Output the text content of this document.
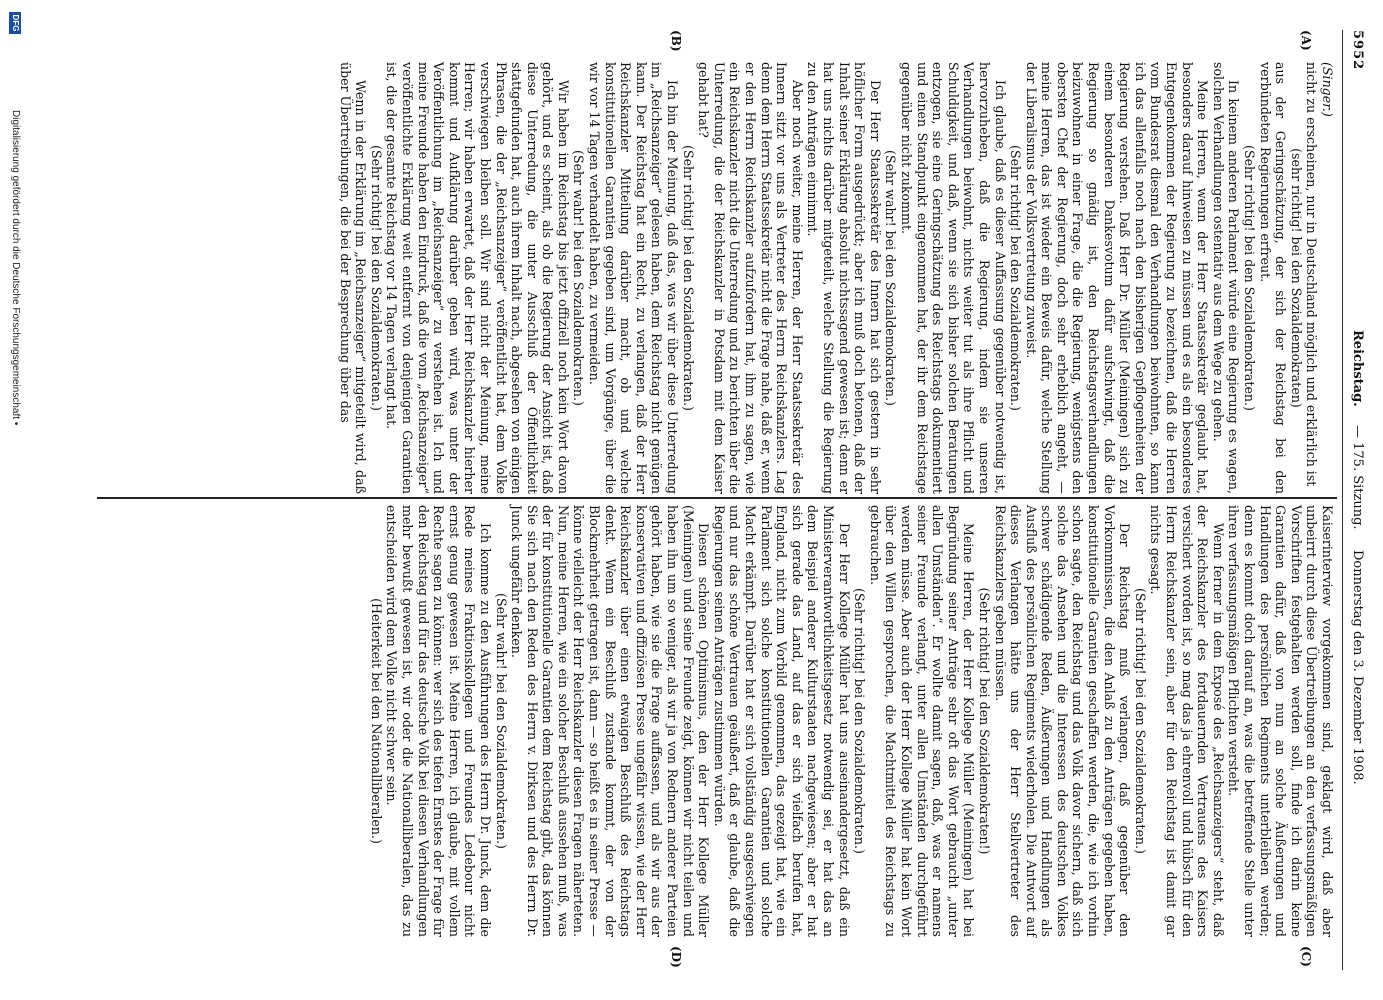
5952
Reichstag.
— 175. Sitzung.
Donnerstag den 3. Dezember 1908.
(A)
(B)
(C)
(D)

(Singer.)

nicht zu erscheinen, nur in Deutschland möglich und erklärlich ist

(sehr richtig! bei den Sozialdemokraten)

aus der Geringschätzung, der sich der Reichstag bei den verbündeten Regierungen erfreut.

(Sehr richtig! bei den Sozialdemokraten.)

In keinem anderen Parlament würde eine Regierung es wagen, solchen Verhandlungen ostentativ aus dem Wege zu gehen.

Meine Herren, wenn der Herr Staatssekretär geglaubt hat, besonders darauf hinweisen zu müssen und es als ein besonderes Entgegenkommen der Regierung zu bezeichnen, daß die Herren vom Bundesrat diesmal den Verhandlungen beiwohnten, so kann ich das allenfalls noch nach den bisherigen Gepflogenheiten der Regierung verstehen. Daß Herr Dr. Müller (Meiningen) sich zu einem besonderen Dankesvotum dafür aufschwingt, daß die Regierung so gnädig ist, den Reichstagsverhandlungen beizuwohnen in einer Frage, die die Regierung, wenigstens den obersten Chef der Regierung, doch sehr erheblich angeht, — meine Herren, das ist wieder ein Beweis dafür, welche Stellung der Liberalismus der Volksvertretung zuweist.

(Sehr richtig! bei den Sozialdemokraten.)

Ich glaube, daß es dieser Auffassung gegenüber notwendig ist, hervorzuheben, daß die Regierung, indem sie unseren Verhandlungen beiwohnt, nichts weiter tut als ihre Pflicht und Schuldigkeit, und daß, wenn sie sich bisher solchen Beratungen entzogen, sie eine Geringschätzung des Reichstags dokumentiert und einen Standpunkt eingenommen hat, der ihr dem Reichstage gegenüber nicht zukommt.

(Sehr wahr! bei den Sozialdemokraten.)

Der Herr Staatssekretär des Innern hat sich gestern in sehr höflicher Form ausgedrückt; aber ich muß doch betonen, daß der Inhalt seiner Erklärung absolut nichtssagend gewesen ist; denn er hat uns nichts darüber mitgeteilt, welche Stellung die Regierung zu den Anträgen einnimmt.

Aber noch weiter, meine Herren, der Herr Staatssekretär des Innern sitzt vor uns als Vertreter des Herrn Reichskanzlers. Lag denn dem Herrn Staatssekretär nicht die Frage nahe, daß er, wenn er den Herrn Reichskanzler aufzufordern hat, ihm zu sagen, wie ein Reichskanzler nicht die Unterredung und zu berichten über die Unterredung, die der Reichskanzler in Potsdam mit dem Kaiser gehabt hat?

(Sehr richtig! bei den Sozialdemokraten.)

Ich bin der Meinung, daß das, was wir über diese Unterredung im „Reichsanzeiger“ gelesen haben, dem Reichstag nicht genügen kann. Der Reichstag hat ein Recht, zu verlangen, daß der Herr Reichskanzler Mitteilung darüber macht, ob und welche konstitutionellen Garantien gegeben sind, um Vorgänge, über die wir vor 14 Tagen verhandelt haben, zu vermeiden.

(Sehr wahr! bei den Sozialdemokraten.)

Wir haben im Reichstag bis jetzt offiziell noch kein Wort davon gehört, und es scheint, als ob die Regierung der Ansicht ist, daß diese Unterredung, die unter Ausschluß der Öffentlichkeit stattgefunden hat, auch ihrem Inhalt nach, abgesehen von einigen Phrasen, die der „Reichsanzeiger“ veröffentlicht hat, dem Volke verschwiegen bleiben soll. Wir sind nicht der Meinung, meine Herren; wir haben erwartet, daß der Herr Reichskanzler hierher kommt und Aufklärung darüber geben wird, was unter der Veröffentlichung im „Reichsanzeiger“ zu verstehen ist. Ich und meine Freunde haben den Eindruck, daß die vom „Reichsanzeiger“ veröffentlichte Erklärung weit entfernt von denjenigen Garantien ist, die der gesamte Reichstag vor 14 Tagen verlangt hat.

(Sehr richtig! bei den Sozialdemokraten.)

Wenn in der Erklärung im „Reichsanzeiger“ mitgeteilt wird, daß über Übertreibungen, die bei der Besprechung über das

Kaiserinterview vorgekommen sind, geklagt wird, daß aber unbeirrt durch diese Übertreibungen an den verfassungsmäßigen Vorschriften festgehalten werden soll, finde ich darin keine Garantien dafür, daß von nun an solche Äußerungen und Handlungen des persönlichen Regiments unterbleiben werden; denn es kommt doch darauf an, was die betreffende Stelle unter ihren verfassungsmäßigen Pflichten versteht.

Wenn ferner in dem Exposé des „Reichsanzeigers“ steht, daß der Reichskanzler des fortdauernden Vertrauens des Kaisers versichert worden ist, so mag das ja ehrenvoll und hübsch für den Herrn Reichskanzler sein, aber für den Reichstag ist damit gar nichts gesagt.

(Sehr richtig! bei den Sozialdemokraten.)

Der Reichstag muß verlangen, daß gegenüber den Vorkommnissen, die den Anlaß zu den Anträgen gegeben haben, konstitutionelle Garantien geschaffen werden, die, wie ich vorhin schon sagte, den Reichstag und das Volk davor sichern, daß sich solche das Ansehen und die Interessen des deutschen Volkes schwer schädigende Reden, Äußerungen und Handlungen als Ausfluß des persönlichen Regiments wiederholen. Die Antwort auf dieses Verlangen hätte uns der Herr Stellvertreter des Reichskanzlers geben müssen.

(Sehr richtig! bei den Sozialdemokraten!)

Meine Herren, der Herr Kollege Müller (Meiningen) hat bei Begründung seiner Anträge sehr oft das Wort gebraucht „unter allen Umständen“. Er wollte damit sagen, daß, was er namens seiner Freunde verlangt, unter allen Umständen durchgeführt werden müsse. Aber auch der Herr Kollege Müller hat kein Wort über den Willen gesprochen, die Machtmittel des Reichstags zu gebrauchen.

(Sehr richtig! bei den Sozialdemokraten.)

Der Herr Kollege Müller hat uns auseinandergesetzt, daß ein Ministerverantwortlichkeitsgesetz notwendig sei, er hat das an dem Beispiel anderer Kulturstaaten nachgewiesen; aber er hat sich gerade das Land, auf das er sich vielfach berufen hat, England, nicht zum Vorbild genommen, das gezeigt hat, wie ein Parlament sich solche konstitutionellen Garantien und solche Macht erkämpft. Darüber hat er sich vollständig ausgeschwiegen und nur das schöne Vertrauen geäußert, daß er glaube, daß die Regierungen seinen Anträgen zustimmen würden.

Diesen schönen Optimismus, den der Herr Kollege Müller (Meiningen) und seine Freunde zeigt, können wir nicht teilen und haben ihn um so weniger, als wir ja von Rednern anderer Parteien gehört haben, wie sie die Frage auffassen, und als wir aus der konservativen und offiziösen Presse ungefähr wissen, wie der Herr Reichskanzler über einen etwaigen Beschluß des Reichstags denkt. Wenn ein Beschluß zustande kommt, der von der Blockmehrheit getragen ist, dann — so heißt es in seiner Presse — könne vielleicht der Herr Reichskanzler diesen Fragen näherteten. Nun, meine Herren, wie ein solcher Beschluß aussehen muß, was der für konstitutionelle Garantien dem Reichstag gibt, das können Sie sich nach den Reden des Herrn v. Dirksen und des Herrn Dr. Junck ungefähr denken.

(Sehr wahr! bei den Sozialdemokraten.)

Ich komme zu den Ausführungen des Herrn Dr. Junck, dem die Rede meines Fraktionskollegen und Freundes Ledebour nicht ernst genug gewesen ist. Meine Herren, ich glaube, mit vollem Rechte sagen zu können: wer sich des tiefen Ernstes der Frage für den Reichstag und für das deutsche Volk bei diesen Verhandlungen mehr bewußt gewesen ist, wir oder die Nationalliberalen, das zu entscheiden wird dem Volke nicht schwer sein.

(Heiterkeit bei den Nationalliberalen.)

DFG
Digitalisierung gefördert durch die Deutsche Forschungsgemeinschaft •
